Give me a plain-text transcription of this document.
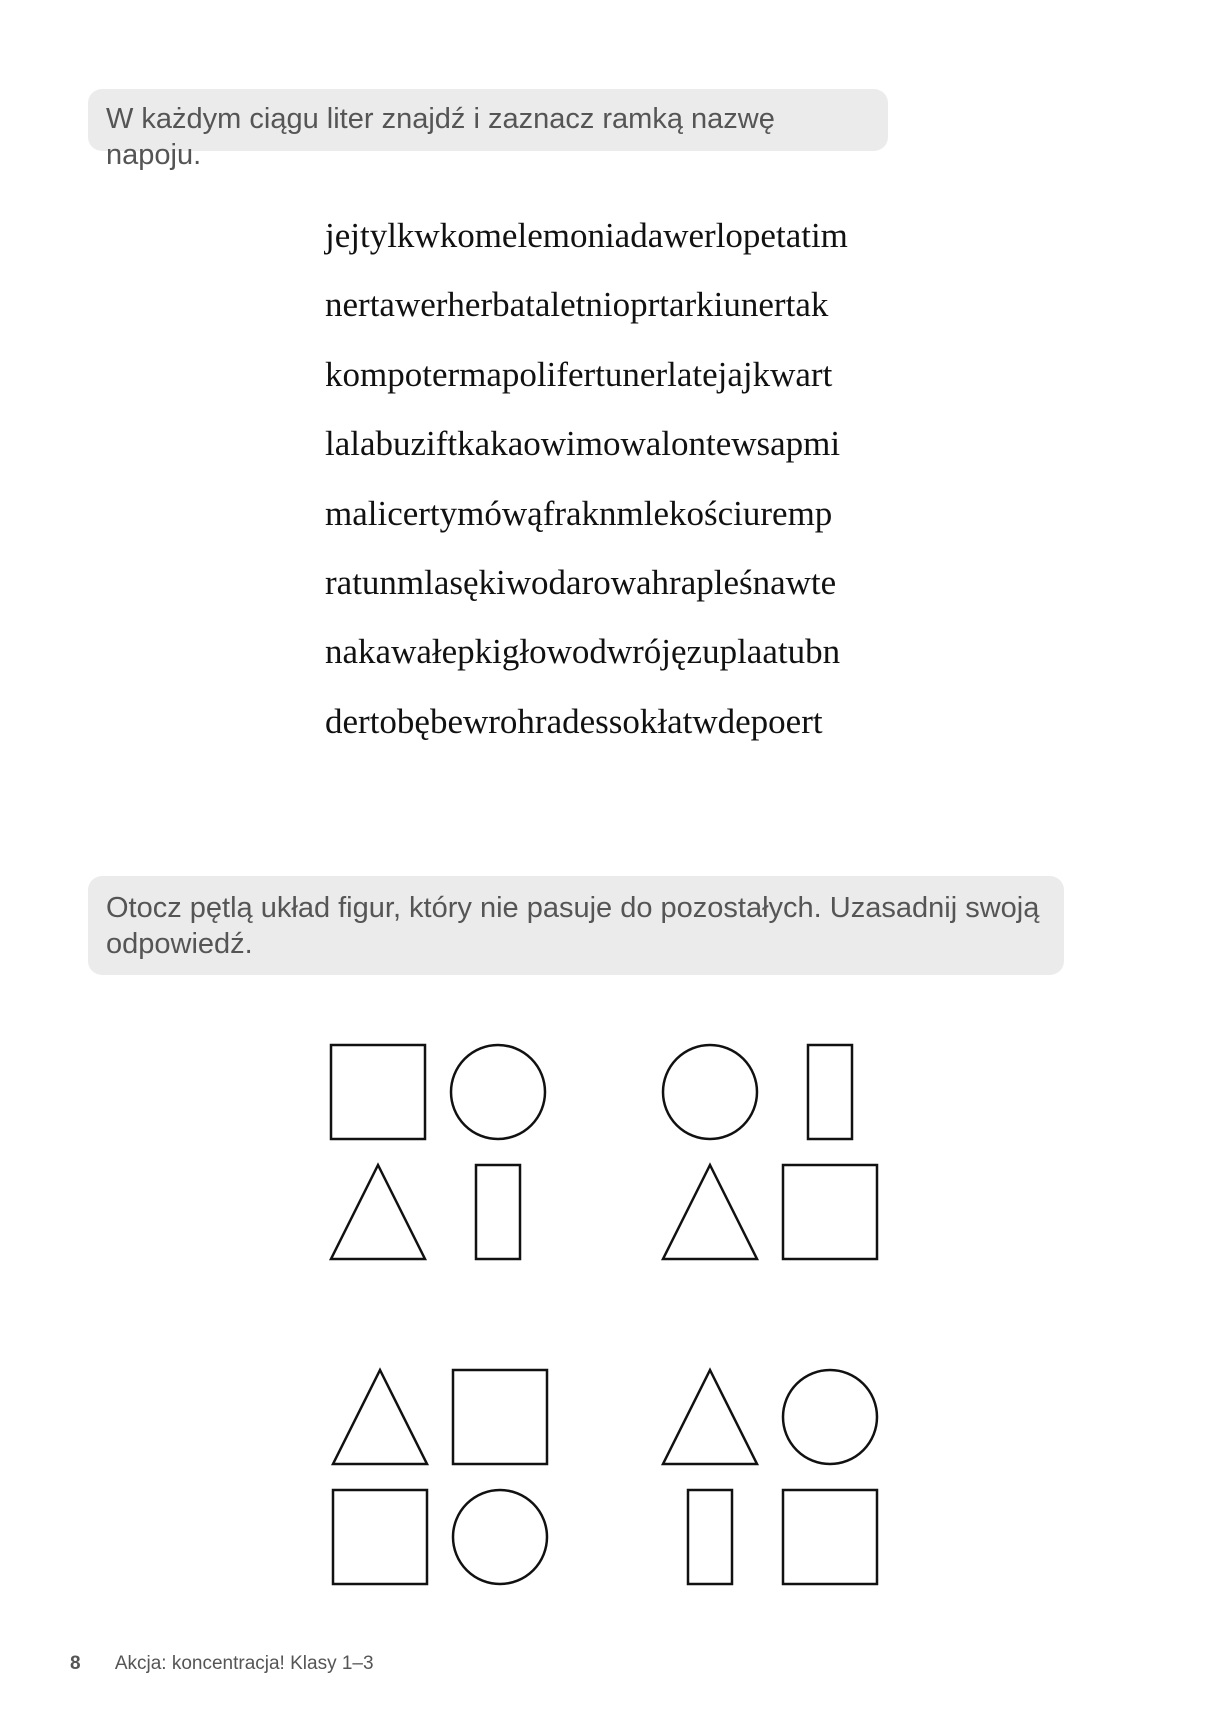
W każdym ciągu liter znajdź i zaznacz ramką nazwę napoju.
jejtylkwkomelemoniadawerlopetatim
nertawerherbataletnioprtarkiunertak
kompotermapolifertunerlatejajkwart
lalabuziftkakaowimowalontewsapmi
malicertymówąfraknmlekościuremp
ratunmlasękiwodarowahrapleśnawte
nakawałepkigłowodwrójęzuplaatubn
dertobębewrohradessokłatwdepoert
Otocz pętlą układ figur, który nie pasuje do pozostałych. Uzasadnij swoją odpowiedź.
8 Akcja: koncentracja! Klasy 1–3
